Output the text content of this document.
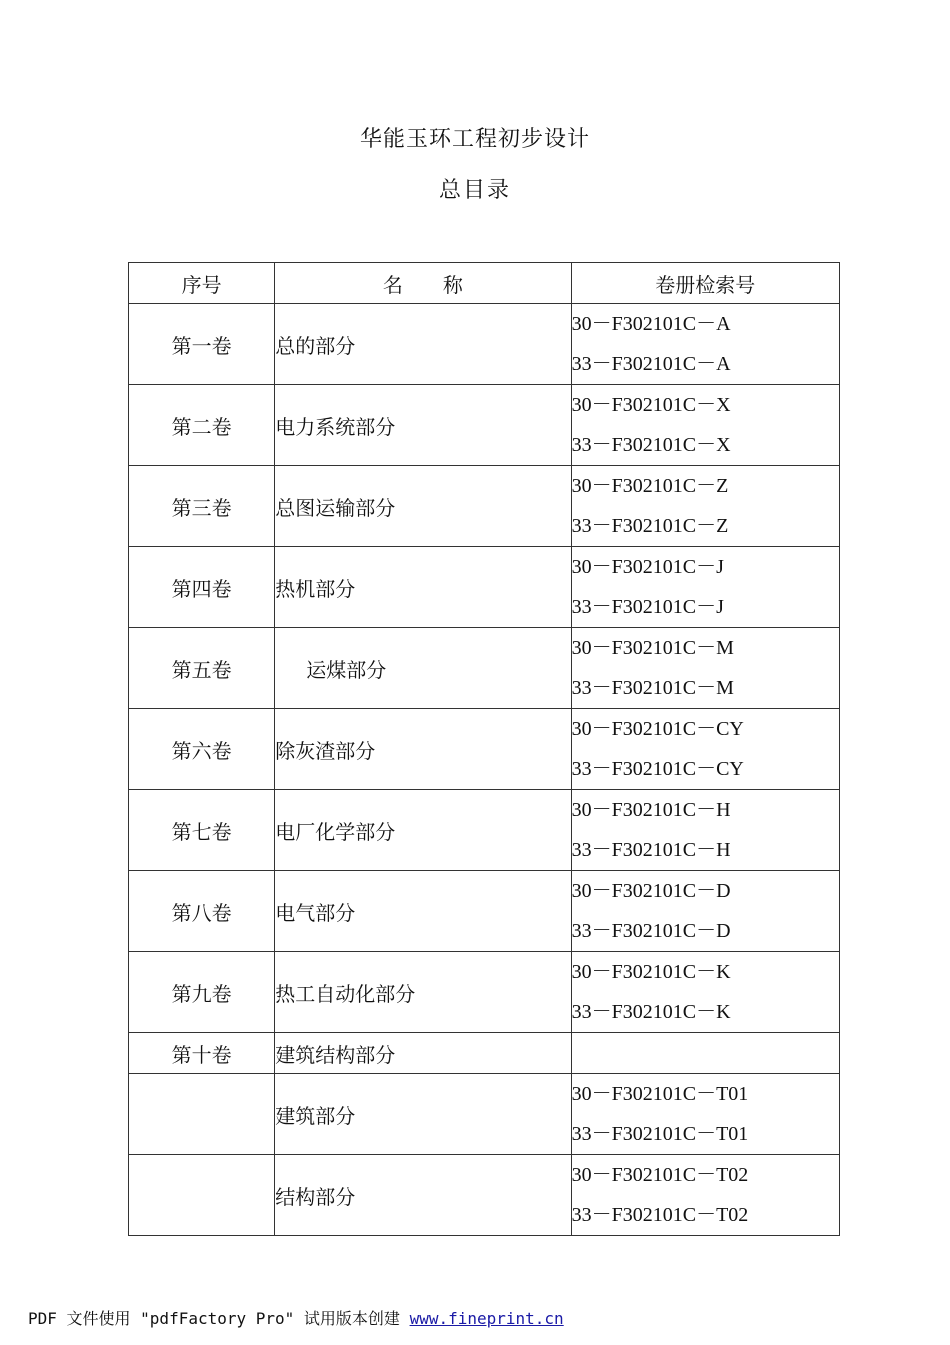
华能玉环工程初步设计
总目录
序号	名　　称	卷册检索号
第一卷	总的部分	30－F302101C－A
33－F302101C－A

第二卷	电力系统部分	30－F302101C－X
33－F302101C－X

第三卷	总图运输部分	30－F302101C－Z
33－F302101C－Z

第四卷	热机部分	30－F302101C－J
33－F302101C－J

第五卷	运煤部分	30－F302101C－M
33－F302101C－M

第六卷	除灰渣部分	30－F302101C－CY
33－F302101C－CY

第七卷	电厂化学部分	30－F302101C－H
33－F302101C－H

第八卷	电气部分	30－F302101C－D
33－F302101C－D

第九卷	热工自动化部分	30－F302101C－K
33－F302101C－K

第十卷	建筑结构部分	
	建筑部分	30－F302101C－T01
33－F302101C－T01

	结构部分	30－F302101C－T02
33－F302101C－T02
PDF 文件使用 "pdfFactory Pro" 试用版本创建 www.fineprint.cn
